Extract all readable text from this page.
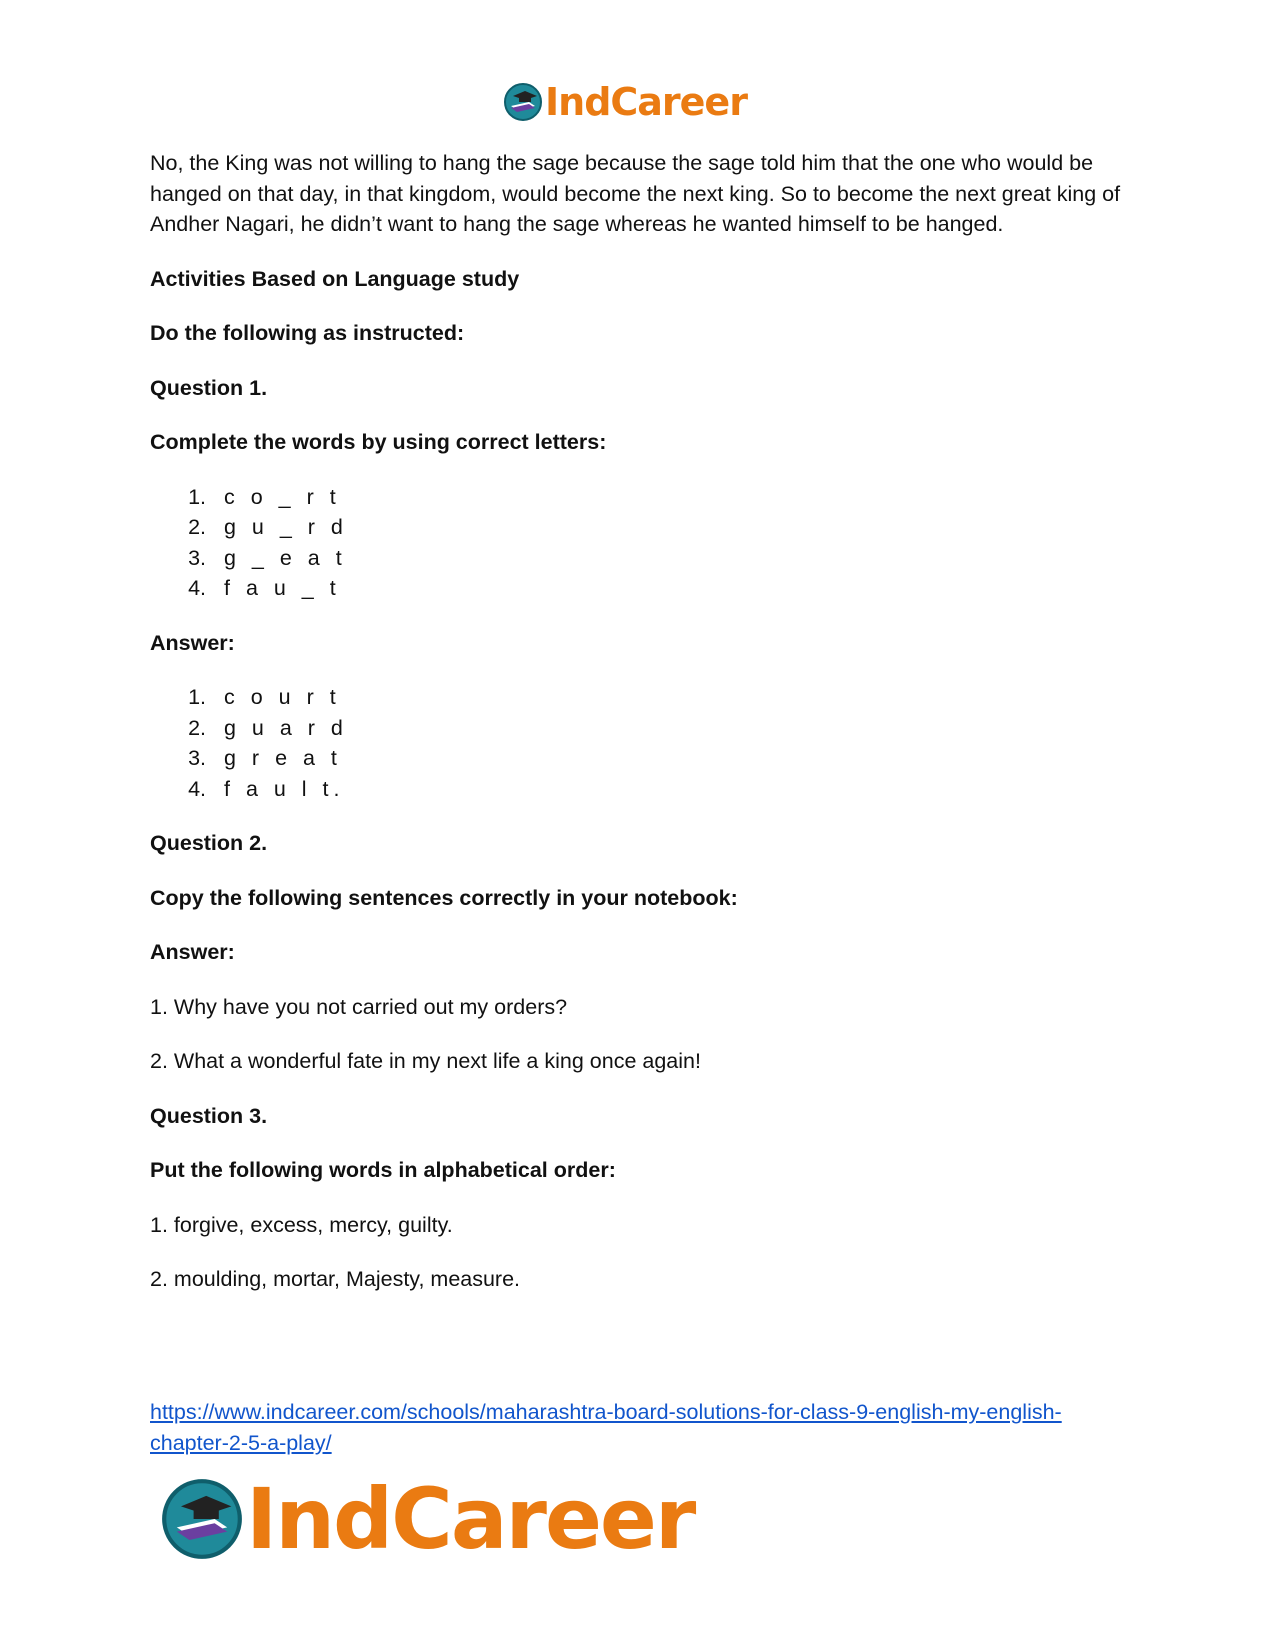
IndCareer

No, the King was not willing to hang the sage because the sage told him that the one who would be hanged on that day, in that kingdom, would become the next king. So to become the next great king of Andher Nagari, he didn’t want to hang the sage whereas he wanted himself to be hanged.

Activities Based on Language study

Do the following as instructed:

Question 1.

Complete the words by using correct letters:

1. c o _ r t
2. g u _ r d
3. g _ e a t
4. f a u _ t

Answer:

1. c o u r t
2. g u a r d
3. g r e a t
4. f a u l t.

Question 2.

Copy the following sentences correctly in your notebook:

Answer:

1. Why have you not carried out my orders?

2. What a wonderful fate in my next life a king once again!

Question 3.

Put the following words in alphabetical order:

1. forgive, excess, mercy, guilty.

2. moulding, mortar, Majesty, measure.

https://www.indcareer.com/schools/maharashtra-board-solutions-for-class-9-english-my-english-chapter-2-5-a-play/
IndCareer
